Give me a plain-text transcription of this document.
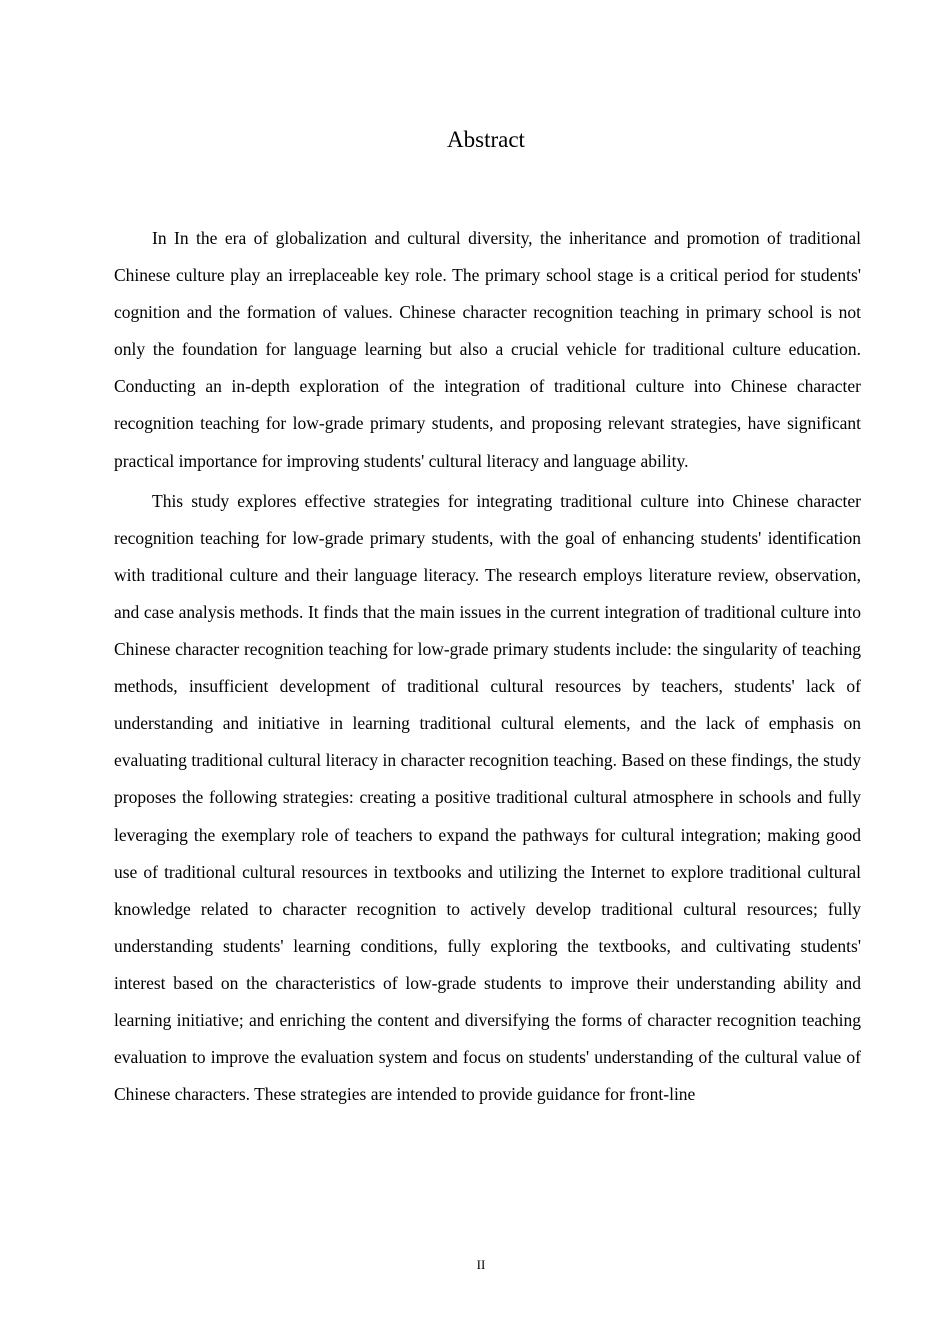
Abstract

In In the era of globalization and cultural diversity, the inheritance and promotion of traditional Chinese culture play an irreplaceable key role. The primary school stage is a critical period for students' cognition and the formation of values. Chinese character recognition teaching in primary school is not only the foundation for language learning but also a crucial vehicle for traditional culture education. Conducting an in-depth exploration of the integration of traditional culture into Chinese character recognition teaching for low-grade primary students, and proposing relevant strategies, have significant practical importance for improving students' cultural literacy and language ability.

This study explores effective strategies for integrating traditional culture into Chinese character recognition teaching for low-grade primary students, with the goal of enhancing students' identification with traditional culture and their language literacy. The research employs literature review, observation, and case analysis methods. It finds that the main issues in the current integration of traditional culture into Chinese character recognition teaching for low-grade primary students include: the singularity of teaching methods, insufficient development of traditional cultural resources by teachers, students' lack of understanding and initiative in learning traditional cultural elements, and the lack of emphasis on evaluating traditional cultural literacy in character recognition teaching. Based on these findings, the study proposes the following strategies: creating a positive traditional cultural atmosphere in schools and fully leveraging the exemplary role of teachers to expand the pathways for cultural integration; making good use of traditional cultural resources in textbooks and utilizing the Internet to explore traditional cultural knowledge related to character recognition to actively develop traditional cultural resources; fully understanding students' learning conditions, fully exploring the textbooks, and cultivating students' interest based on the characteristics of low-grade students to improve their understanding ability and learning initiative; and enriching the content and diversifying the forms of character recognition teaching evaluation to improve the evaluation system and focus on students' understanding of the cultural value of Chinese characters. These strategies are intended to provide guidance for front-line

II
